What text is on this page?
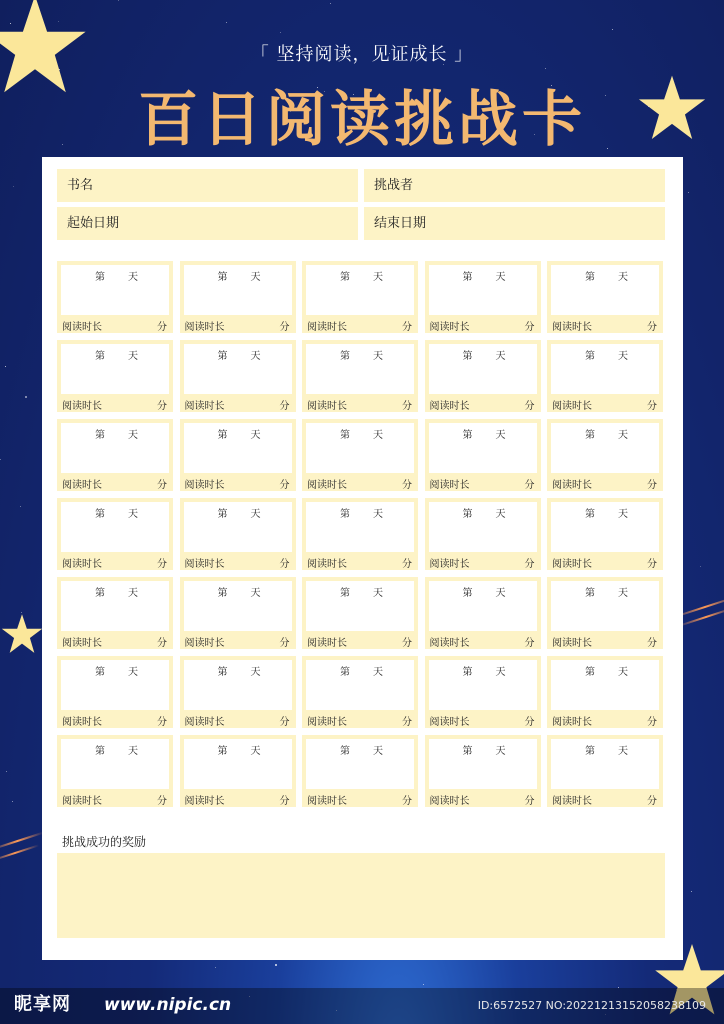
「 坚持阅读，见证成长 」
百日阅读挑战卡
书名	挑战者
起始日期	结束日期
第 天
阅读时长	分
第 天
阅读时长	分
第 天
阅读时长	分
第 天
阅读时长	分
第 天
阅读时长	分
第 天
阅读时长	分
第 天
阅读时长	分
第 天
阅读时长	分
第 天
阅读时长	分
第 天
阅读时长	分
第 天
阅读时长	分
第 天
阅读时长	分
第 天
阅读时长	分
第 天
阅读时长	分
第 天
阅读时长	分
第 天
阅读时长	分
第 天
阅读时长	分
第 天
阅读时长	分
第 天
阅读时长	分
第 天
阅读时长	分
第 天
阅读时长	分
第 天
阅读时长	分
第 天
阅读时长	分
第 天
阅读时长	分
第 天
阅读时长	分
第 天
阅读时长	分
第 天
阅读时长	分
第 天
阅读时长	分
第 天
阅读时长	分
第 天
阅读时长	分
第 天
阅读时长	分
第 天
阅读时长	分
第 天
阅读时长	分
第 天
阅读时长	分
第 天
阅读时长	分
挑战成功的奖励
昵享网 www.nipic.cn	ID:6572527 NO:20221213152058238109
